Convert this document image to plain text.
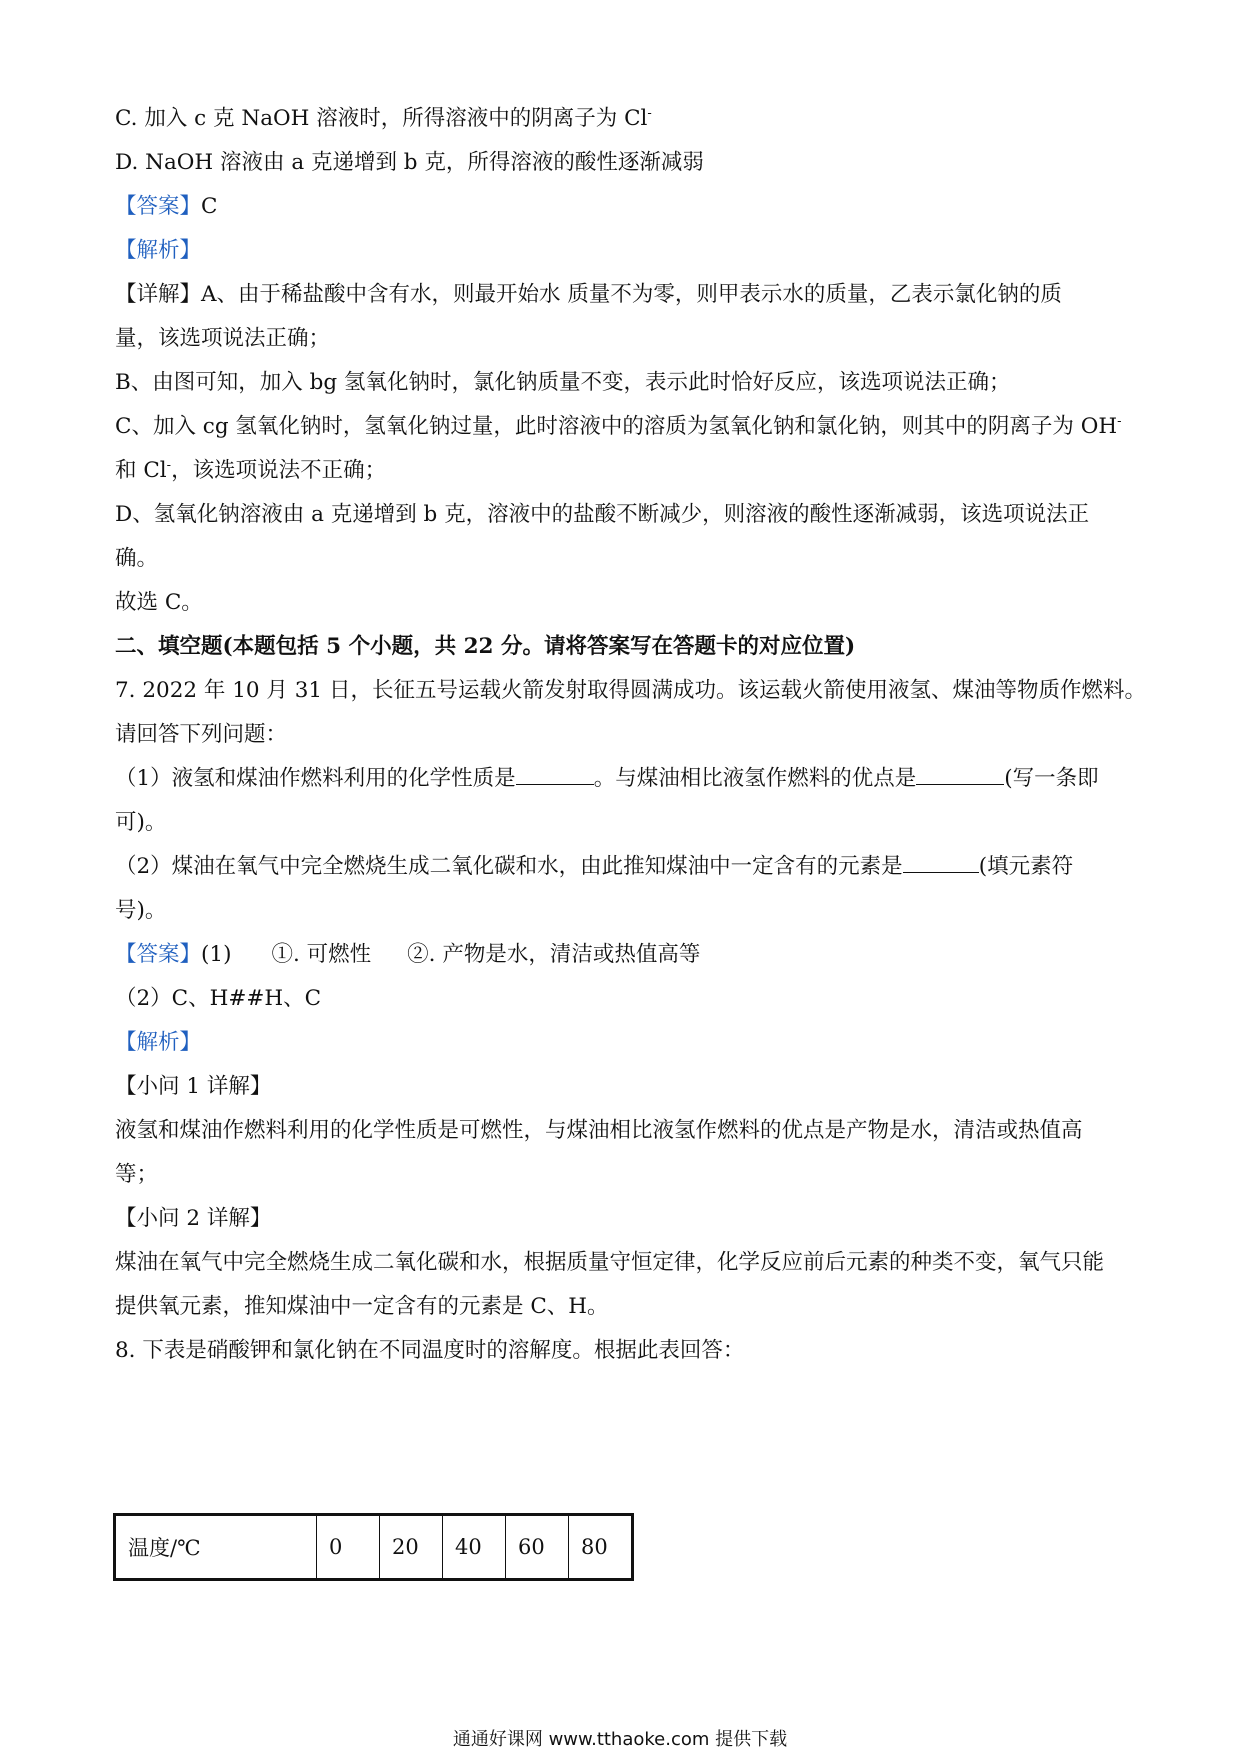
C. 加入 c 克 NaOH 溶液时，所得溶液中的阴离子为 Cl-
D. NaOH 溶液由 a 克递增到 b 克，所得溶液的酸性逐渐减弱
【答案】C
【解析】
【详解】A、由于稀盐酸中含有水，则最开始水 质量不为零，则甲表示水的质量，乙表示氯化钠的质
量，该选项说法正确；
B、由图可知，加入 bg 氢氧化钠时，氯化钠质量不变，表示此时恰好反应，该选项说法正确；
C、加入 cg 氢氧化钠时，氢氧化钠过量，此时溶液中的溶质为氢氧化钠和氯化钠，则其中的阴离子为 OH-
和 Cl-，该选项说法不正确；
D、氢氧化钠溶液由 a 克递增到 b 克，溶液中的盐酸不断减少，则溶液的酸性逐渐减弱，该选项说法正
确。
故选 C。
二、填空题(本题包括 5 个小题，共 22 分。请将答案写在答题卡的对应位置)
7. 2022 年 10 月 31 日，长征五号运载火箭发射取得圆满成功。该运载火箭使用液氢、煤油等物质作燃料。
请回答下列问题：
（1）液氢和煤油作燃料利用的化学性质是	。与煤油相比液氢作燃料的优点是	(写一条即
可)。
（2）煤油在氧气中完全燃烧生成二氧化碳和水，由此推知煤油中一定含有的元素是	(填元素符
号)。
【答案】(1) ①. 可燃性 ②. 产物是水，清洁或热值高等
（2）C、H##H、C
【解析】
【小问 1 详解】
液氢和煤油作燃料利用的化学性质是可燃性，与煤油相比液氢作燃料的优点是产物是水，清洁或热值高
等；
【小问 2 详解】
煤油在氧气中完全燃烧生成二氧化碳和水，根据质量守恒定律，化学反应前后元素的种类不变，氧气只能
提供氧元素，推知煤油中一定含有的元素是 C、H。
8. 下表是硝酸钾和氯化钠在不同温度时的溶解度。根据此表回答：
温度/℃	0	20	40	60	80
通通好课网 www.tthaoke.com 提供下载
